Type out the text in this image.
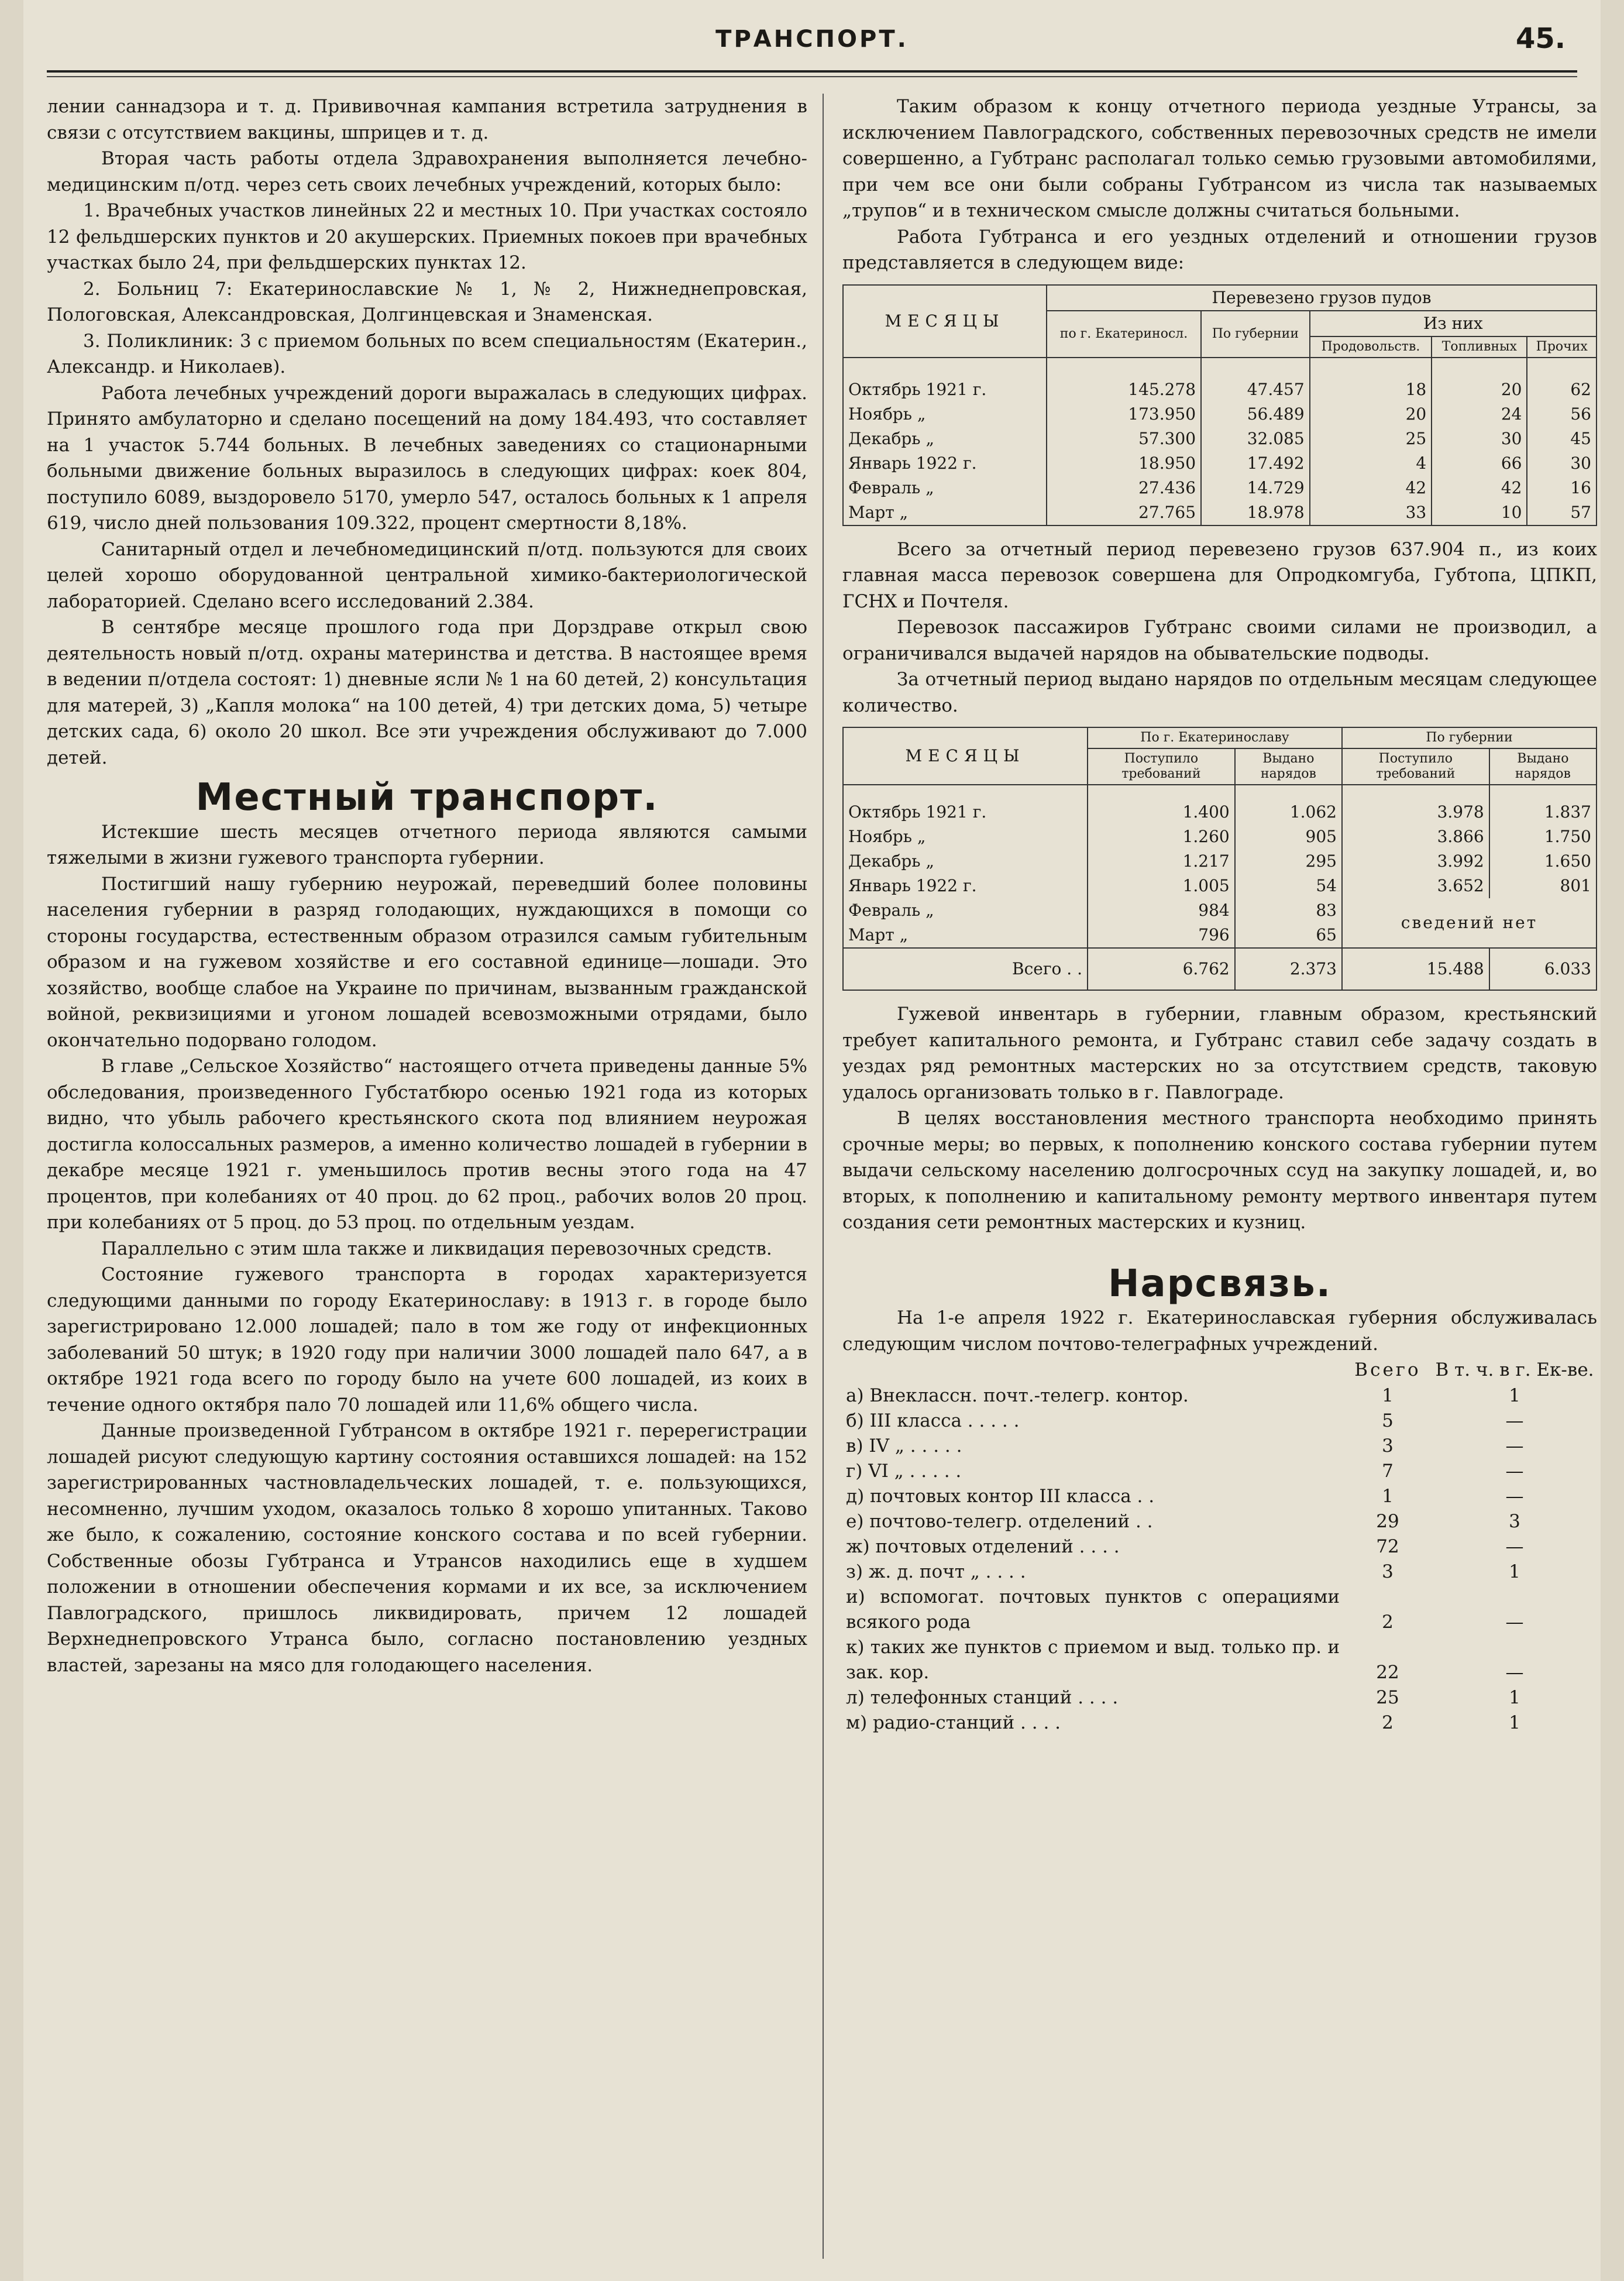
ТРАНСПОРТ.	45.

лении саннадзора и т. д. Прививочная кампания встретила затруднения в связи с отсутствием вакцины, шприцев и т. д.

Вторая часть работы отдела Здравохранения выполняется лечебно-медицинским п/отд. через сеть своих лечебных учреждений, которых было:

1. Врачебных участков линейных 22 и местных 10. При участках состояло 12 фельдшерских пунктов и 20 акушерских. Приемных покоев при врачебных участках было 24, при фельдшерских пунктах 12.

2. Больниц 7: Екатеринославские № 1, № 2, Нижнеднепровская, Пологовская, Александровская, Долгинцевская и Знаменская.

3. Поликлиник: 3 с приемом больных по всем специальностям (Екатерин., Александр. и Николаев).

Работа лечебных учреждений дороги выражалась в следующих цифрах. Принято амбулаторно и сделано посещений на дому 184.493, что составляет на 1 участок 5.744 больных. В лечебных заведениях со стационарными больными движение больных выразилось в следующих цифрах: коек 804, поступило 6089, выздоровело 5170, умерло 547, осталось больных к 1 апреля 619, число дней пользования 109.322, процент смертности 8,18%.

Санитарный отдел и лечебномедицинский п/отд. пользуются для своих целей хорошо оборудованной центральной химико-бактериологической лабораторией. Сделано всего исследований 2.384.

В сентябре месяце прошлого года при Дорздраве открыл свою деятельность новый п/отд. охраны материнства и детства. В настоящее время в ведении п/отдела состоят: 1) дневные ясли № 1 на 60 детей, 2) консультация для матерей, 3) „Капля молока“ на 100 детей, 4) три детских дома, 5) четыре детских сада, 6) около 20 школ. Все эти учреждения обслуживают до 7.000 детей.

Местный транспорт.

Истекшие шесть месяцев отчетного периода являются самыми тяжелыми в жизни гужевого транспорта губернии.

Постигший нашу губернию неурожай, переведший более половины населения губернии в разряд голодающих, нуждающихся в помощи со стороны государства, естественным образом отразился самым губительным образом и на гужевом хозяйстве и его составной единице—лошади. Это хозяйство, вообще слабое на Украине по причинам, вызванным гражданской войной, реквизициями и угоном лошадей всевозможными отрядами, было окончательно подорвано голодом.

В главе „Сельское Хозяйство“ настоящего отчета приведены данные 5% обследования, произведенного Губстатбюро осенью 1921 года из которых видно, что убыль рабочего крестьянского скота под влиянием неурожая достигла колоссальных размеров, а именно количество лошадей в губернии в декабре месяце 1921 г. уменьшилось против весны этого года на 47 процентов, при колебаниях от 40 проц. до 62 проц., рабочих волов 20 проц. при колебаниях от 5 проц. до 53 проц. по отдельным уездам.

Параллельно с этим шла также и ликвидация перевозочных средств.

Состояние гужевого транспорта в городах характеризуется следующими данными по городу Екатеринославу: в 1913 г. в городе было зарегистрировано 12.000 лошадей; пало в том же году от инфекционных заболеваний 50 штук; в 1920 году при наличии 3000 лошадей пало 647, а в октябре 1921 года всего по городу было на учете 600 лошадей, из коих в течение одного октября пало 70 лошадей или 11,6% общего числа.

Данные произведенной Губтрансом в октябре 1921 г. перерегистрации лошадей рисуют следующую картину состояния оставшихся лошадей: на 152 зарегистрированных частновладельческих лошадей, т. е. пользующихся, несомненно, лучшим уходом, оказалось только 8 хорошо упитанных. Таково же было, к сожалению, состояние конского состава и по всей губернии. Собственные обозы Губтранса и Утрансов находились еще в худшем положении в отношении обеспечения кормами и их все, за исключением Павлоградского, пришлось ликвидировать, причем 12 лошадей Верхнеднепровского Утранса было, согласно постановлению уездных властей, зарезаны на мясо для голодающего населения.

Таким образом к концу отчетного периода уездные Утрансы, за исключением Павлоградского, собственных перевозочных средств не имели совершенно, а Губтранс располагал только семью грузовыми автомобилями, при чем все они были собраны Губтрансом из числа так называемых „трупов“ и в техническом смысле должны считаться больными.

Работа Губтранса и его уездных отделений и отношении грузов представляется в следующем виде:

МЕСЯЦЫ	Перевезено грузов пудов				
	по г. Екатериносл.	По губернии	Из них		
			Продовольств.	Топливных	Прочих

Октябрь 1921 г.	145.278	47.457	18	20	62
Ноябрь „	173.950	56.489	20	24	56
Декабрь „	57.300	32.085	25	30	45
Январь 1922 г.	18.950	17.492	4	66	30
Февраль „	27.436	14.729	42	42	16
Март „	27.765	18.978	33	10	57

Всего за отчетный период перевезено грузов 637.904 п., из коих главная масса перевозок совершена для Опродкомгуба, Губтопа, ЦПКП, ГСНХ и Почтеля.

Перевозок пассажиров Губтранс своими силами не производил, а ограничивался выдачей нарядов на обывательские подводы.

За отчетный период выдано нарядов по отдельным месяцам следующее количество.

МЕСЯЦЫ	По г. Екатеринославу		По губернии	
	Поступило требований	Выдано нарядов	Поступило требований	Выдано нарядов

Октябрь 1921 г.	1.400	1.062	3.978	1.837
Ноябрь „	1.260	905	3.866	1.750
Декабрь „	1.217	295	3.992	1.650
Январь 1922 г.	1.005	54	3.652	801
Февраль „	984	83	сведений нет	
Март „	796	65		
Всего . .	6.762	2.373	15.488	6.033

Гужевой инвентарь в губернии, главным образом, крестьянский требует капитального ремонта, и Губтранс ставил себе задачу создать в уездах ряд ремонтных мастерских но за отсутствием средств, таковую удалось организовать только в г. Павлограде.

В целях восстановления местного транспорта необходимо принять срочные меры; во первых, к пополнению конского состава губернии путем выдачи сельскому населению долгосрочных ссуд на закупку лошадей, и, во вторых, к пополнению и капитальному ремонту мертвого инвентаря путем создания сети ремонтных мастерских и кузниц.

Нарсвязь.

На 1-е апреля 1922 г. Екатеринославская губерния обслуживалась следующим числом почтово-телеграфных учреждений.

	Всего	В т. ч. в г. Ек-ве.
а) Внеклассн. почт.-телегр. контор.	1	1
б) III класса . . . . .	5	—
в) IV „ . . . . .	3	—
г) VI „ . . . . .	7	—
д) почтовых контор III класса . .	1	—
е) почтово-телегр. отделений . .	29	3
ж) почтовых отделений . . . .	72	—
з) ж. д. почт „ . . . .	3	1
и) вспомогат. почтовых пунктов с операциями всякого рода	2	—
к) таких же пунктов с приемом и выд. только пр. и зак. кор.	22	—
л) телефонных станций . . . .	25	1
м) радио-станций . . . .	2	1
